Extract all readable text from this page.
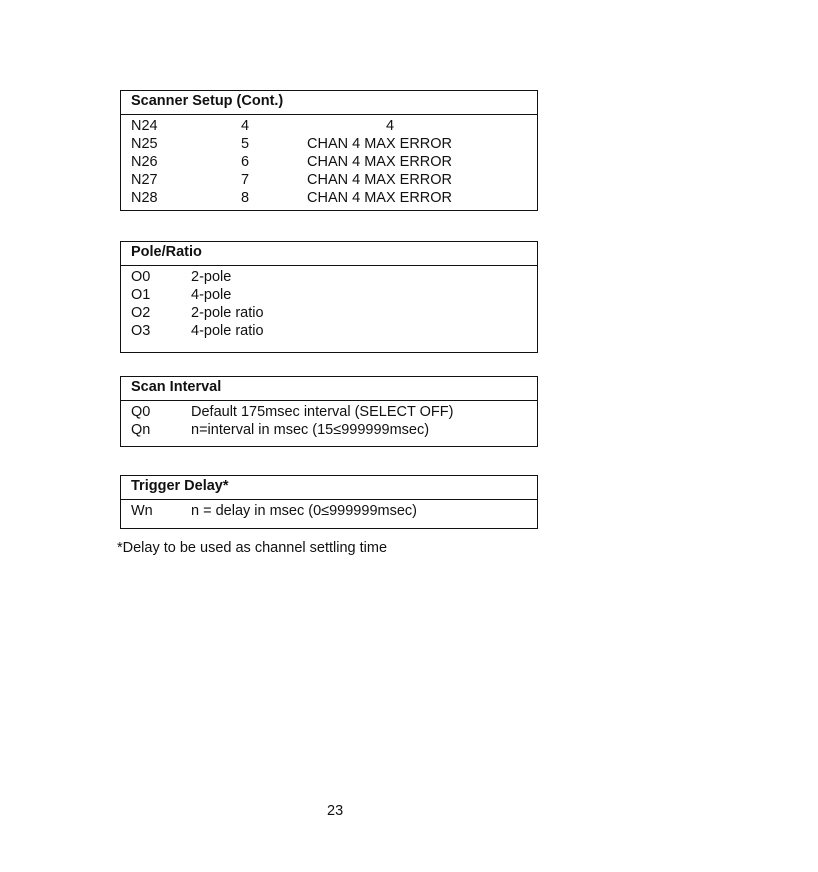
Scanner Setup (Cont.)
N24	4	4
N25	5	CHAN 4 MAX ERROR
N26	6	CHAN 4 MAX ERROR
N27	7	CHAN 4 MAX ERROR
N28	8	CHAN 4 MAX ERROR
Pole/Ratio
O0	2-pole
O1	4-pole
O2	2-pole ratio
O3	4-pole ratio
Scan Interval
Q0	Default 175msec interval (SELECT OFF)
Qn	n=interval in msec (15≤999999msec)
Trigger Delay*
Wn	n = delay in msec (0≤999999msec)
*Delay to be used as channel settling time
23
